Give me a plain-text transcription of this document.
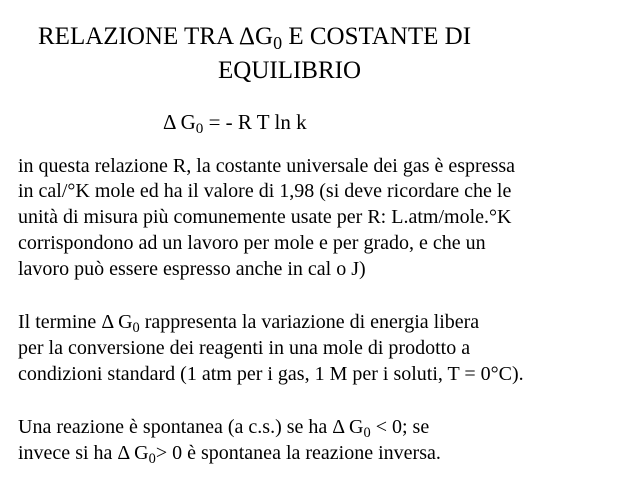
RELAZIONE TRA $\Delta G_0$ E COSTANTE DI
EQUILIBRIO
Δ $G_0$ = - R T ln k
in questa relazione R, la costante universale dei gas è espressa
in cal/°K mole ed ha il valore di 1,98 (si deve ricordare che le
unità di misura più comunemente usate per R: L.atm/mole.°K
corrispondono ad un lavoro per mole e per grado, e che un
lavoro può essere espresso anche in cal o J)
Il termine Δ $G_0$ rappresenta la variazione di energia libera
per la conversione dei reagenti in una mole di prodotto a
condizioni standard (1 atm per i gas, 1 M per i soluti, T = 0°C).
Una reazione è spontanea (a c.s.) se ha Δ $G_0 < 0$; se
invece si ha Δ $G_0> 0$ è spontanea la reazione inversa.
